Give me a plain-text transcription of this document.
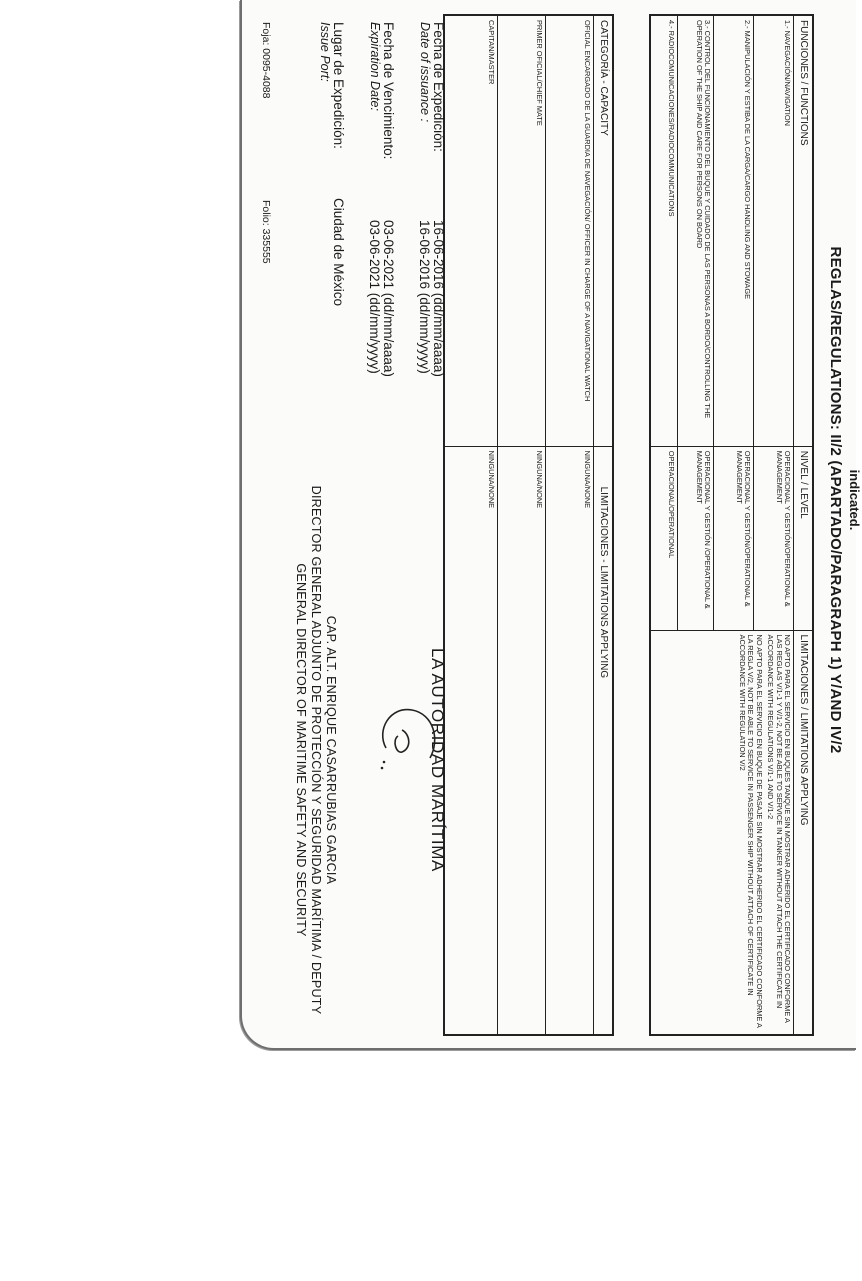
indicated.
REGLAS/REGULATIONS: II/2 (APARTADO/PARAGRAPH 1) Y/AND IV/2
FUNCIONES / FUNCTIONS	NIVEL / LEVEL	LIMITACIONES / LIMITATIONS APPLYING
1.- NAVEGACIÓN/NAVIGATION	OPERACIONAL Y GESTIÓN/OPERATIONAL & MANAGEMENT	NO APTO PARA EL SERVICIO EN BUQUES TANQUE SIN MOSTRAR ADHERIDO EL CERTIFICADO CONFORME A LAS REGLAS V/1-1 Y V/1-2, NOT BE ABLE TO SERVICE IN TANKER WITHOUT ATTACH THE CERTIFICATE IN ACCORDANCE WITH REGULATIONS V/1-1 AND V/1-2
NO APTO PARA EL SERVICIO EN BUQUE DE PASAJE SIN MOSTRAR ADHERIDO EL CERTIFICADO CONFORME A LA REGLA V/2, NOT BE ABLE TO SERVICE IN PASSENGER SHIP WITHOUT ATTACH OF CERTIFICATE IN ACCORDANCE WITH REGULATION V/2

2.- MANIPULACIÓN Y ESTIBA DE LA CARGA/CARGO HANDLING AND STOWAGE	OPERACIONAL Y GESTIÓN/OPERATIONAL & MANAGEMENT	
3.- CONTROL DEL FUNCIONAMIENTO DEL BUQUE Y CUIDADO DE LAS PERSONAS A BORDO/CONTROLLING THE OPERATION OF THE SHIP AND CARE FOR PERSONS ON BOARD	OPERACIONAL Y GESTIÓN /OPERATIONAL & MANAGEMENT	
4.- RADIOCOMUNICACIONES/RADIOCOMMUNICATIONS	OPERACIONAL/OPERATIONAL	
CATEGORÍA - CAPACITY	LIMITACIONES - LIMITATIONS APPLYING
OFICIAL ENCARGADO DE LA GUARDIA DE NAVEGACIÓN/ OFFICER IN CHARGE OF A NAVIGATIONAL WATCH	NINGUNA/NONE
PRIMER OFICIAL/CHIEF MATE	NINGUNA/NONE
CAPITAN/MASTER	NINGUNA/NONE
Fecha de Expedición:
Date of issuance :
16-06-2016 (dd/mm/aaaa)
16-06-2016 (dd/mm/yyyy)
Fecha de Vencimiento:
Expiration Date:
03-06-2021 (dd/mm/aaaa)
03-06-2021 (dd/mm/yyyy)
Lugar de Expedición:
Issue Port:
Ciudad de México
Foja: 0095-4088
Folio: 335555
LA AUTORIDAD MARÍTIMA
CAP. ALT. ENRIQUE CASARRUBIAS GARCIA
DIRECTOR GENERAL ADJUNTO DE PROTECCIÓN Y SEGURIDAD MARÍTIMA / DEPUTY
GENERAL DIRECTOR OF MARITIME SAFETY AND SECURITY
